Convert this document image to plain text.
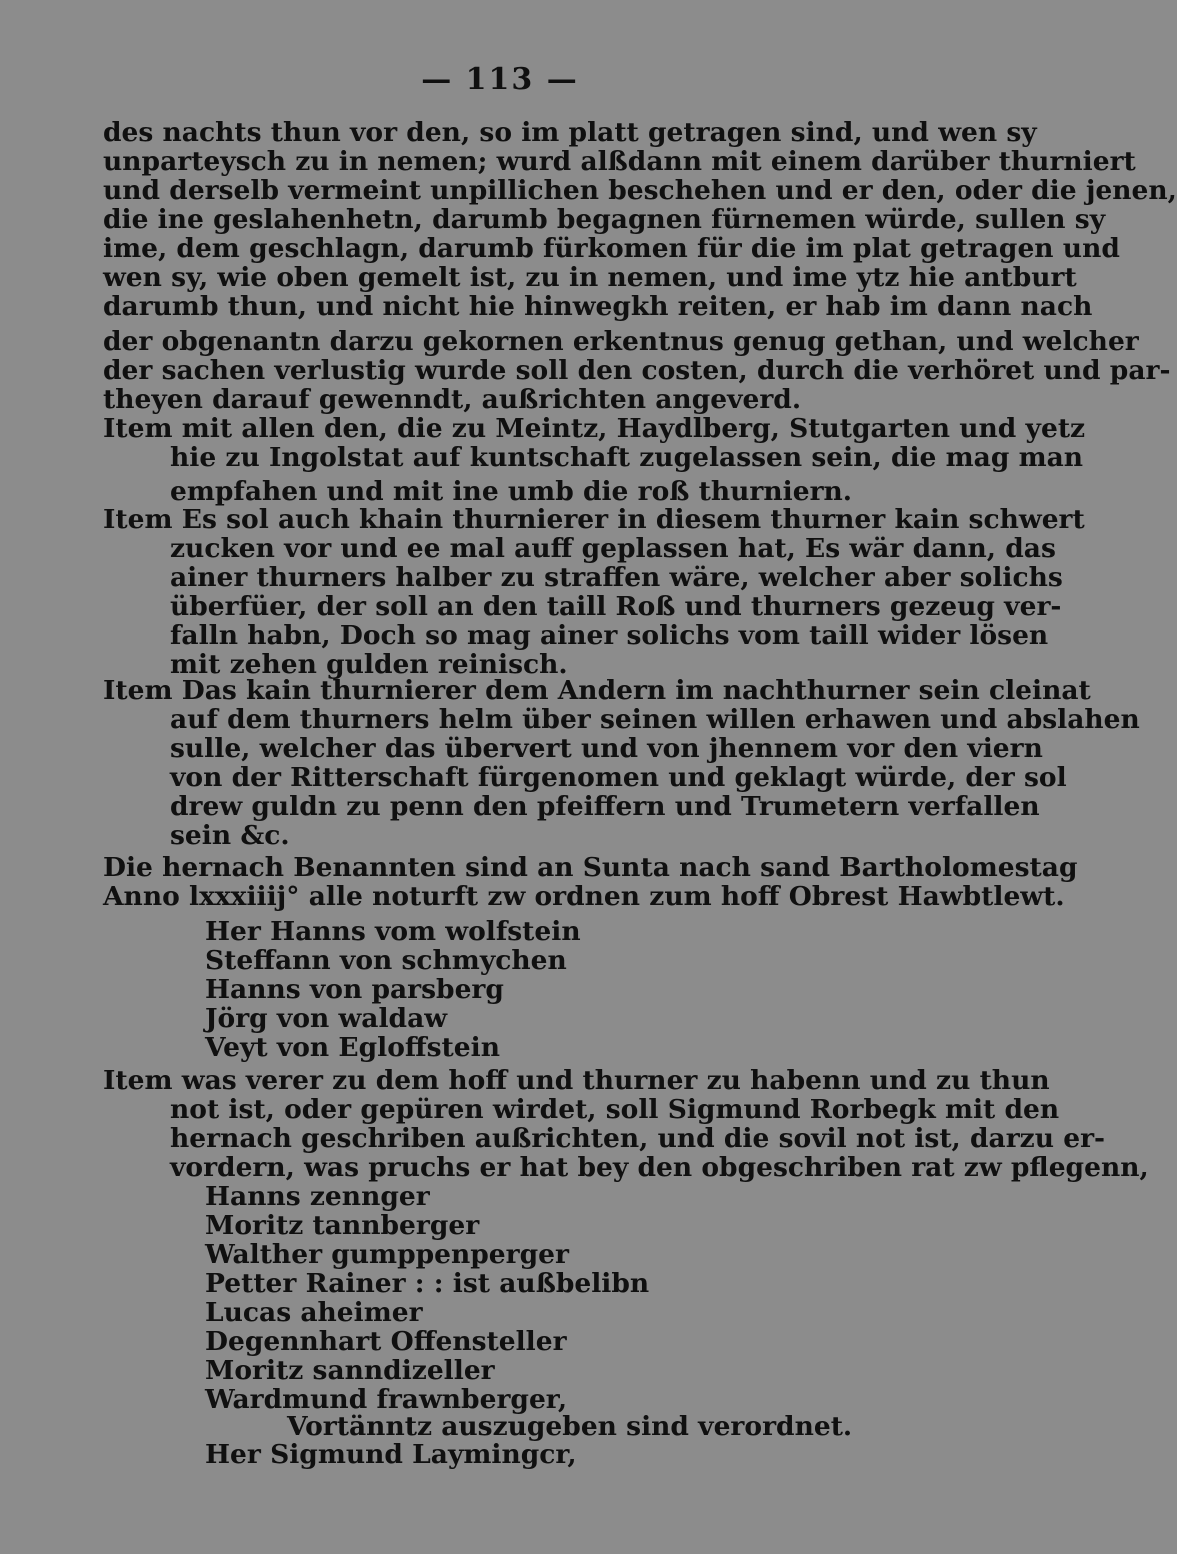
— 113 —
des nachts thun vor den, so im platt getragen sind, und wen sy
unparteysch zu in nemen; wurd alßdann mit einem darüber thurniert
und derselb vermeint unpillichen beschehen und er den, oder die jenen,
die ine geslahenhetn, darumb begagnen fürnemen würde, sullen sy
ime, dem geschlagn, darumb fürkomen für die im plat getragen und
wen sy, wie oben gemelt ist, zu in nemen, und ime ytz hie antburt
darumb thun, und nicht hie hinwegkh reiten, er hab im dann nach
der obgenantn darzu gekornen erkentnus genug gethan, und welcher
der sachen verlustig wurde soll den costen, durch die verhöret und par-
theyen darauf gewenndt, außrichten angeverd.
Item mit allen den, die zu Meintz, Haydlberg, Stutgarten und yetz
hie zu Ingolstat auf kuntschaft zugelassen sein, die mag man
empfahen und mit ine umb die roß thurniern.
Item Es sol auch khain thurnierer in diesem thurner kain schwert
zucken vor und ee mal auff geplassen hat, Es wär dann, das
ainer thurners halber zu straffen wäre, welcher aber solichs
überfüer, der soll an den taill Roß und thurners gezeug ver-
falln habn, Doch so mag ainer solichs vom taill wider lösen
mit zehen gulden reinisch.
Item Das kain thurnierer dem Andern im nachthurner sein cleinat
auf dem thurners helm über seinen willen erhawen und abslahen
sulle, welcher das übervert und von jhennem vor den viern
von der Ritterschaft fürgenomen und geklagt würde, der sol
drew guldn zu penn den pfeiffern und Trumetern verfallen
sein &c.
Die hernach Benannten sind an Sunta nach sand Bartholomestag
Anno lxxxiiij° alle noturft zw ordnen zum hoff Obrest Hawbtlewt.
Her Hanns vom wolfstein
Steffann von schmychen
Hanns von parsberg
Jörg von waldaw
Veyt von Egloffstein
Item was verer zu dem hoff und thurner zu habenn und zu thun
not ist, oder gepüren wirdet, soll Sigmund Rorbegk mit den
hernach geschriben außrichten, und die sovil not ist, darzu er-
vordern, was pruchs er hat bey den obgeschriben rat zw pflegenn,
Hanns zennger
Moritz tannberger
Walther gumppenperger
Petter Rainer : : ist außbelibn
Lucas aheimer
Degennhart Offensteller
Moritz sanndizeller
Wardmund frawnberger,
Vortänntz auszugeben sind verordnet.
Her Sigmund Laymingcr,
